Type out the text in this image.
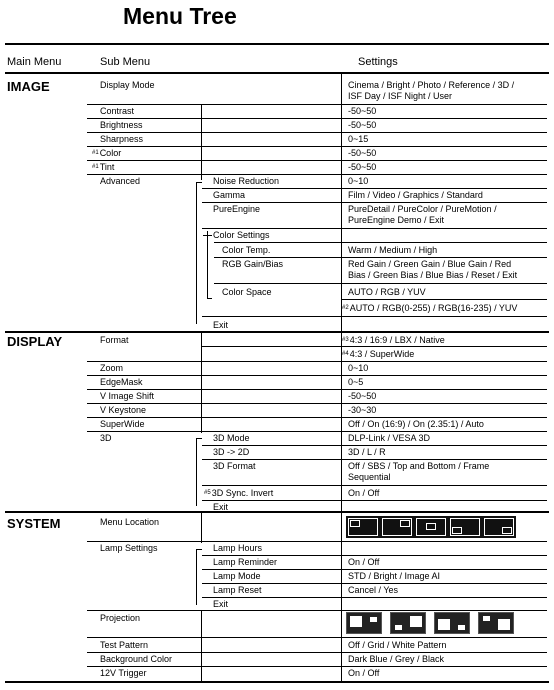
Menu Tree
Main Menu	Sub Menu	Settings
IMAGE	Display Mode	Cinema / Bright / Photo / Reference / 3D /
ISF Day / ISF Night / User
Contrast	-50~50
Brightness	-50~50
Sharpness	0~15
$^{\#1}$Color	-50~50
$^{\#1}$Tint	-50~50
Advanced	Noise Reduction	0~10
Gamma	Film / Video / Graphics / Standard
PureEngine	PureDetail / PureColor / PureMotion /
PureEngine Demo / Exit
Color Settings
Color Temp.	Warm / Medium / High
RGB Gain/Bias	Red Gain / Green Gain / Blue Gain / Red
Bias / Green Bias / Blue Bias / Reset / Exit
Color Space	AUTO / RGB / YUV
$^{\#2}$AUTO / RGB(0-255) / RGB(16-235) / YUV
Exit
DISPLAY	Format	$^{\#3}$4:3 / 16:9 / LBX / Native
$^{\#4}$4:3 / SuperWide
Zoom	0~10
EdgeMask	0~5
V Image Shift	-50~50
V Keystone	-30~30
SuperWide	Off / On (16:9) / On (2.35:1) / Auto
3D	3D Mode	DLP-Link / VESA 3D
3D -> 2D	3D / L / R
3D Format	Off / SBS / Top and Bottom / Frame
Sequential
$^{\#5}$3D Sync. Invert	On / Off
Exit
SYSTEM	Menu Location
Lamp Settings	Lamp Hours
Lamp Reminder	On / Off
Lamp Mode	STD / Bright / Image AI
Lamp Reset	Cancel / Yes
Exit
Projection
Test Pattern	Off / Grid / White Pattern
Background Color	Dark Blue / Grey / Black
12V Trigger	On / Off
